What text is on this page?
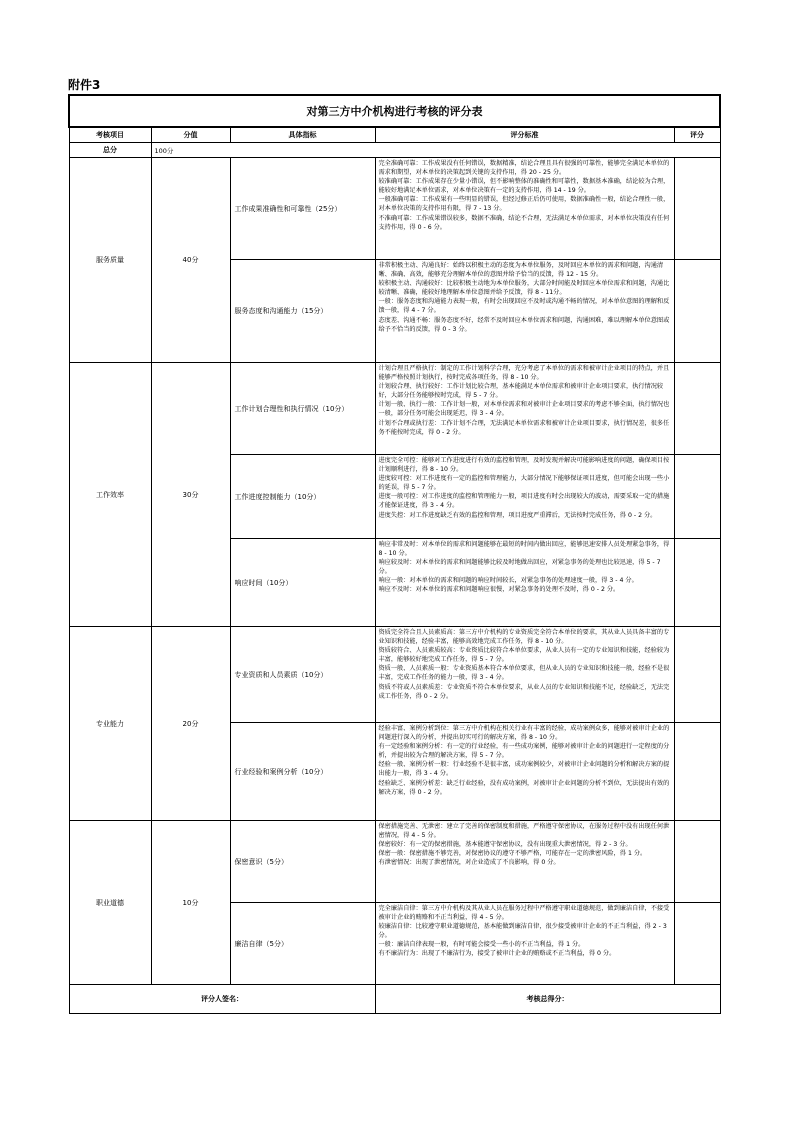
附件3
对第三方中介机构进行考核的评分表				
考核项目	分值	具体指标	评分标准	评分
总分	100分			
服务质量	40分	工作成果准确性和可靠性（25分）	完全准确可靠：工作成果没有任何错误，数据精准，结论合理且具有很强的可靠性，能够完全满足本单位的需求和期望，对本单位的决策起到关键的支持作用，得 20 - 25 分。
较准确可靠：工作成果存在少量小错误，但不影响整体的准确性和可靠性，数据基本准确，结论较为合理，能较好地满足本单位需求，对本单位决策有一定的支持作用，得 14 - 19 分。
一般准确可靠：工作成果有一些明显的错误，但经过修正后仍可使用，数据准确性一般，结论合理性一般，对本单位决策的支持作用有限，得 7 - 13 分。
不准确可靠：工作成果错误较多，数据不准确，结论不合理，无法满足本单位需求，对本单位决策没有任何支持作用，得 0 - 6 分。	

		服务态度和沟通能力（15分）	非常积极主动、沟通良好：始终以积极主动的态度为本单位服务，及时回应本单位的需求和问题，沟通清晰、准确、高效，能够充分理解本单位的意图并给予恰当的反馈，得 12 - 15 分。
较积极主动、沟通较好：比较积极主动地为本单位服务，大部分时间能及时回应本单位需求和问题，沟通比较清晰、准确，能较好地理解本单位意图并给予反馈，得 8 - 11分。
一般：服务态度和沟通能力表现一般，有时会出现回应不及时或沟通不畅的情况，对本单位意图的理解和反馈一般，得 4 - 7 分。
态度差、沟通不畅：服务态度不好，经常不及时回应本单位需求和问题，沟通困难，难以理解本单位意图或给予不恰当的反馈，得 0 - 3 分。	

工作效率	30分	工作计划合理性和执行情况（10分）	计划合理且严格执行：制定的工作计划科学合理，充分考虑了本单位的需求和被审计企业项目的特点，并且能够严格按照计划执行，按时完成各项任务，得 8 - 10 分。
计划较合理、执行较好：工作计划比较合理，基本能满足本单位需求和被审计企业项目要求，执行情况较好，大部分任务能够按时完成，得 5 - 7 分。
计划一般、执行一般：工作计划一般，对本单位需求和对被审计企业项目要求的考虑不够全面，执行情况也一般，部分任务可能会出现延迟，得 3 - 4 分。
计划不合理或执行差：工作计划不合理，无法满足本单位需求和被审计企业项目要求，执行情况差，很多任务不能按时完成，得 0 - 2 分。	

		工作进度控制能力（10分）	进度完全可控：能够对工作进度进行有效的监控和管理，及时发现并解决可能影响进度的问题，确保项目按计划顺利进行，得 8 - 10 分。
进度较可控：对工作进度有一定的监控和管理能力，大部分情况下能够保证项目进度，但可能会出现一些小的延误，得 5 - 7 分。
进度一般可控：对工作进度的监控和管理能力一般，项目进度有时会出现较大的波动，需要采取一定的措施才能保证进度，得 3 - 4 分。
进度失控：对工作进度缺乏有效的监控和管理，项目进度严重滞后，无法按时完成任务，得 0 - 2 分。	

		响应时间（10分）	响应非常及时：对本单位的需求和问题能够在最短的时间内做出回应，能够迅速安排人员处理紧急事务，得 8 - 10 分。
响应较及时：对本单位的需求和问题能够比较及时地做出回应，对紧急事务的处理也比较迅速，得 5 - 7 分。
响应一般：对本单位的需求和问题的响应时间较长，对紧急事务的处理速度一般，得 3 - 4 分。
响应不及时：对本单位的需求和问题响应很慢，对紧急事务的处理不及时，得 0 - 2 分。	

专业能力	20分	专业资质和人员素质（10分）	资质完全符合且人员素质高：第三方中介机构的专业资质完全符合本单位的要求，其从业人员具备丰富的专业知识和技能，经验丰富，能够高效地完成工作任务，得 8 - 10 分。
资质较符合、人员素质较高：专业资质比较符合本单位要求，从业人员有一定的专业知识和技能，经验较为丰富，能够较好地完成工作任务，得 5 - 7 分。
资质一般、人员素质一般：专业资质基本符合本单位要求，但从业人员的专业知识和技能一般，经验不是很丰富，完成工作任务的能力一般，得 3 - 4 分。
资质不符或人员素质差：专业资质不符合本单位要求，从业人员的专业知识和技能不足，经验缺乏，无法完成工作任务，得 0 - 2 分。	

		行业经验和案例分析（10分）	经验丰富、案例分析到位：第三方中介机构在相关行业有丰富的经验，成功案例众多，能够对被审计企业的问题进行深入的分析，并提出切实可行的解决方案，得 8 - 10 分。
有一定经验和案例分析：有一定的行业经验，有一些成功案例，能够对被审计企业的问题进行一定程度的分析，并提出较为合理的解决方案，得 5 - 7 分。
经验一般、案例分析一般：行业经验不是很丰富，成功案例较少，对被审计企业问题的分析和解决方案的提出能力一般，得 3 - 4 分。
经验缺乏、案例分析差：缺乏行业经验，没有成功案例，对被审计企业问题的分析不到位，无法提出有效的解决方案，得 0 - 2 分。	

职业道德	10分	保密意识（5分）	保密措施完善、无泄密：建立了完善的保密制度和措施，严格遵守保密协议，在服务过程中没有出现任何泄密情况，得 4 - 5 分。
保密较好：有一定的保密措施，基本能遵守保密协议，没有出现重大泄密情况，得 2 - 3 分。
保密一般：保密措施不够完善，对保密协议的遵守不够严格，可能存在一定的泄密风险，得 1 分。
有泄密情况：出现了泄密情况，对企业造成了不良影响，得 0 分。	

		廉洁自律（5分）	完全廉洁自律：第三方中介机构及其从业人员在服务过程中严格遵守职业道德规范，做到廉洁自律，不接受被审计企业的贿赂和不正当利益，得 4 - 5 分。
较廉洁自律：比较遵守职业道德规范，基本能做到廉洁自律，很少接受被审计企业的不正当利益，得 2 - 3 分。
一般：廉洁自律表现一般，有时可能会接受一些小的不正当利益，得 1 分。
有不廉洁行为：出现了不廉洁行为，接受了被审计企业的贿赂或不正当利益，得 0 分。	

评分人签名：			考核总得分：	
